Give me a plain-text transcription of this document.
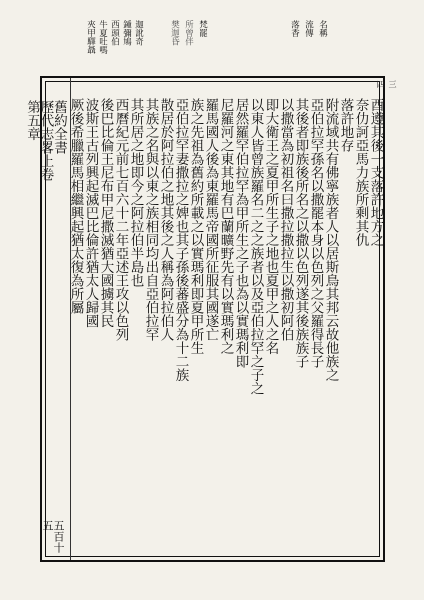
夾甲驛聶 牛夏吐嗎 西頭伯 鍾彌鳩 迦訛奇	樊迦昏 所曾伴 梵罷	落香 流傳 名稱
三
四
舊約全書
歷代志畧上卷
第五章
五百十五
酉遵其後一支落許地方之
奈仂訶亞馬力族所剩其仇
落許地存
附流域共有佛寧族者人以居斯鳥其邦云故他族之
亞伯拉罕孫名以撒罷本身以色列之父羅得長子
其後者即族後所名之以撒以色列遂其後族族子
以撒當為初祖名曰撒拉撒拉生以撒初阿伯
即大衛王之夏甲所生子之地也夏甲之人之名
以東人皆曾族羅名二之之族者以及亞伯拉罕之子之
居然羅罕伯拉罕為甲所生之子也為以實瑪利即
尼羅河之東其地有巴蘭曠野先有以實瑪利之
羅馬國人後為東羅馬帝國所征服其國遂亡
族之先祖為舊約所載之以實瑪利即夏甲所生
亞伯拉罕妻撒拉之婢也其子孫後蕃盛分為十二族
散居於阿拉伯之地其後之人稱為阿拉伯人
其族之名與以東之族相同均出自亞伯拉罕
其所居之地即今之阿拉伯半島也
西曆紀元前七百六十二年亞述王攻以色列
後巴比倫王尼布甲尼撒滅猶大國擄其民
波斯王古列興起滅巴比倫許猶太人歸國
厥後希臘羅馬相繼興起猶太復為所屬
